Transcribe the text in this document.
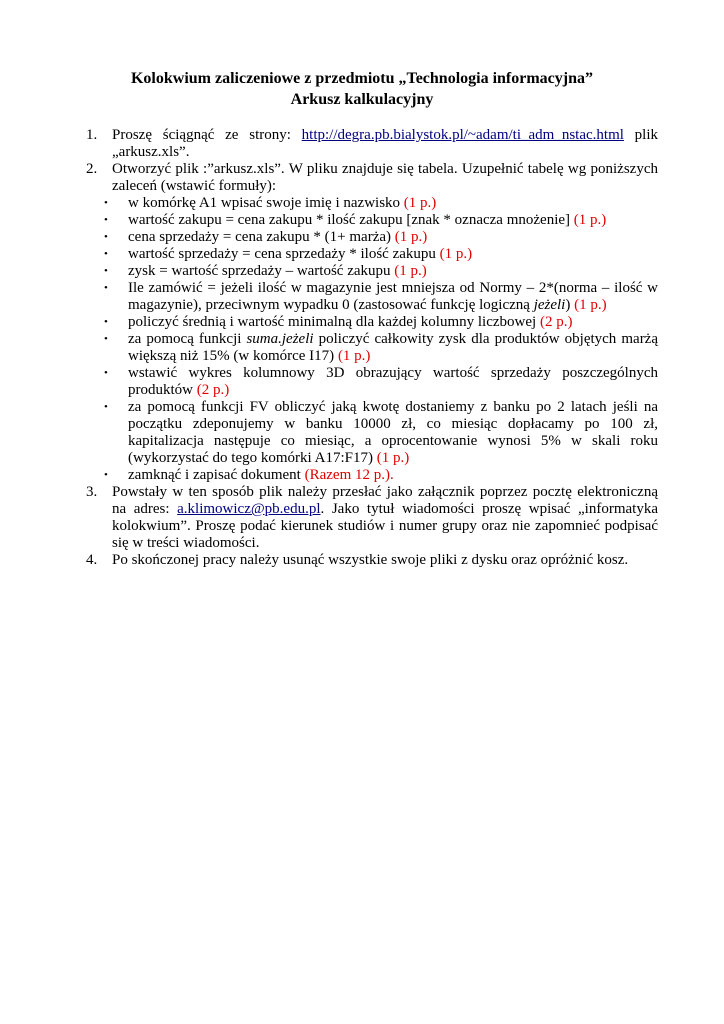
Kolokwium zaliczeniowe z przedmiotu „Technologia informacyjna”
Arkusz kalkulacyjny
1. Proszę ściągnąć ze strony: http://degra.pb.bialystok.pl/~adam/ti_adm_nstac.html plik „arkusz.xls”.
2. Otworzyć plik :”arkusz.xls”. W pliku znajduje się tabela. Uzupełnić tabelę wg poniższych zaleceń (wstawić formuły):
• w komórkę A1 wpisać swoje imię i nazwisko (1 p.)
• wartość zakupu = cena zakupu * ilość zakupu [znak * oznacza mnożenie] (1 p.)
• cena sprzedaży = cena zakupu * (1+ marża) (1 p.)
• wartość sprzedaży = cena sprzedaży * ilość zakupu (1 p.)
• zysk = wartość sprzedaży – wartość zakupu (1 p.)
• Ile zamówić = jeżeli ilość w magazynie jest mniejsza od Normy – 2*(norma – ilość w magazynie), przeciwnym wypadku 0 (zastosować funkcję logiczną jeżeli) (1 p.)
• policzyć średnią i wartość minimalną dla każdej kolumny liczbowej (2 p.)
• za pomocą funkcji suma.jeżeli policzyć całkowity zysk dla produktów objętych marżą większą niż 15% (w komórce I17) (1 p.)
• wstawić wykres kolumnowy 3D obrazujący wartość sprzedaży poszczególnych produktów (2 p.)
• za pomocą funkcji FV obliczyć jaką kwotę dostaniemy z banku po 2 latach jeśli na początku zdeponujemy w banku 10000 zł, co miesiąc dopłacamy po 100 zł, kapitalizacja następuje co miesiąc, a oprocentowanie wynosi 5% w skali roku (wykorzystać do tego komórki A17:F17) (1 p.)
• zamknąć i zapisać dokument (Razem 12 p.).
3. Powstały w ten sposób plik należy przesłać jako załącznik poprzez pocztę elektroniczną na adres: a.klimowicz@pb.edu.pl. Jako tytuł wiadomości proszę wpisać „informatyka kolokwium”. Proszę podać kierunek studiów i numer grupy oraz nie zapomnieć podpisać się w treści wiadomości.
4. Po skończonej pracy należy usunąć wszystkie swoje pliki z dysku oraz opróżnić kosz.
